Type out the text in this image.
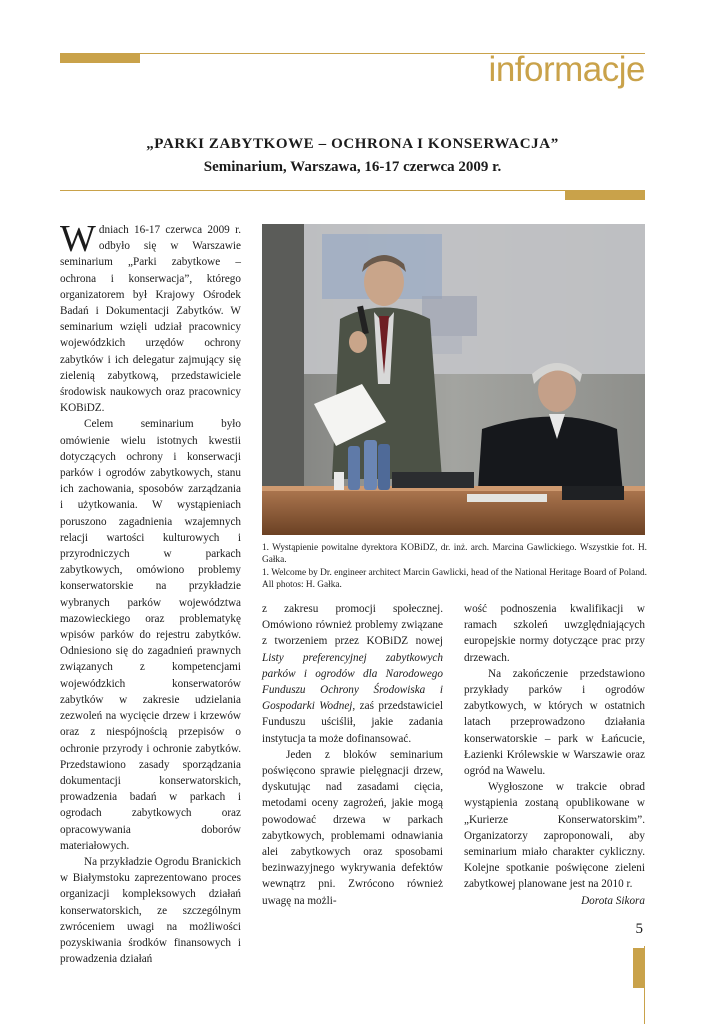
informacje
„PARKI ZABYTKOWE – OCHRONA I KONSERWACJA”
Seminarium, Warszawa, 16-17 czerwca 2009 r.

Wdniach 16-17 czerwca 2009 r. odbyło się w Warszawie seminarium „Parki zabytkowe – ochrona i konserwacja”, którego organizatorem był Krajowy Ośrodek Badań i Dokumentacji Zabytków. W seminarium wzięli udział pracownicy wojewódzkich urzędów ochrony zabytków i ich delegatur zajmujący się zielenią zabytkową, przedstawiciele środowisk naukowych oraz pracownicy KOBiDZ.

Celem seminarium było omówienie wielu istotnych kwestii dotyczących ochrony i konserwacji parków i ogrodów zabytkowych, stanu ich zachowania, sposobów zarządzania i użytkowania. W wystąpieniach poruszono zagadnienia wzajemnych relacji wartości kulturowych i przyrodniczych w parkach zabytkowych, omówiono problemy konserwatorskie na przykładzie wybranych parków województwa mazowieckiego oraz problematykę wpisów parków do rejestru zabytków. Odniesiono się do zagadnień prawnych związanych z kompetencjami wojewódzkich konserwatorów zabytków w zakresie udzielania zezwoleń na wycięcie drzew i krzewów oraz z niespójnością przepisów o ochronie przyrody i ochronie zabytków. Przedstawiono zasady sporządzania dokumentacji konserwatorskich, prowadzenia badań w parkach i ogrodach zabytkowych oraz opracowywania doborów materiałowych.

Na przykładzie Ogrodu Branickich w Białymstoku zaprezentowano proces organizacji kompleksowych działań konserwatorskich, ze szczególnym zwróceniem uwagi na możliwości pozyskiwania środków finansowych i prowadzenia działań

1. Wystąpienie powitalne dyrektora KOBiDZ, dr. inż. arch. Marcina Gawlickiego. Wszystkie fot. H. Gałka.
1. Welcome by Dr. engineer architect Marcin Gawlicki, head of the National Heritage Board of Poland. All photos: H. Gałka.

z zakresu promocji społecznej. Omówiono również problemy związane z tworzeniem przez KOBiDZ nowej Listy preferencyjnej zabytkowych parków i ogrodów dla Narodowego Funduszu Ochrony Środowiska i Gospodarki Wodnej, zaś przedstawiciel Funduszu uściślił, jakie zadania instytucja ta może dofinansować.

Jeden z bloków seminarium poświęcono sprawie pielęgnacji drzew, dyskutując nad zasadami cięcia, metodami oceny zagrożeń, jakie mogą powodować drzewa w parkach zabytkowych, problemami odnawiania alei zabytkowych oraz sposobami bezinwazyjnego wykrywania defektów wewnątrz pni. Zwrócono również uwagę na możli-

wość podnoszenia kwalifikacji w ramach szkoleń uwzględniających europejskie normy dotyczące prac przy drzewach.

Na zakończenie przedstawiono przykłady parków i ogrodów zabytkowych, w których w ostatnich latach przeprowadzono działania konserwatorskie – park w Łańcucie, Łazienki Królewskie w Warszawie oraz ogród na Wawelu.

Wygłoszone w trakcie obrad wystąpienia zostaną opublikowane w „Kurierze Konserwatorskim”. Organizatorzy zaproponowali, aby seminarium miało charakter cykliczny. Kolejne spotkanie poświęcone zieleni zabytkowej planowane jest na 2010 r.

Dorota Sikora

5
